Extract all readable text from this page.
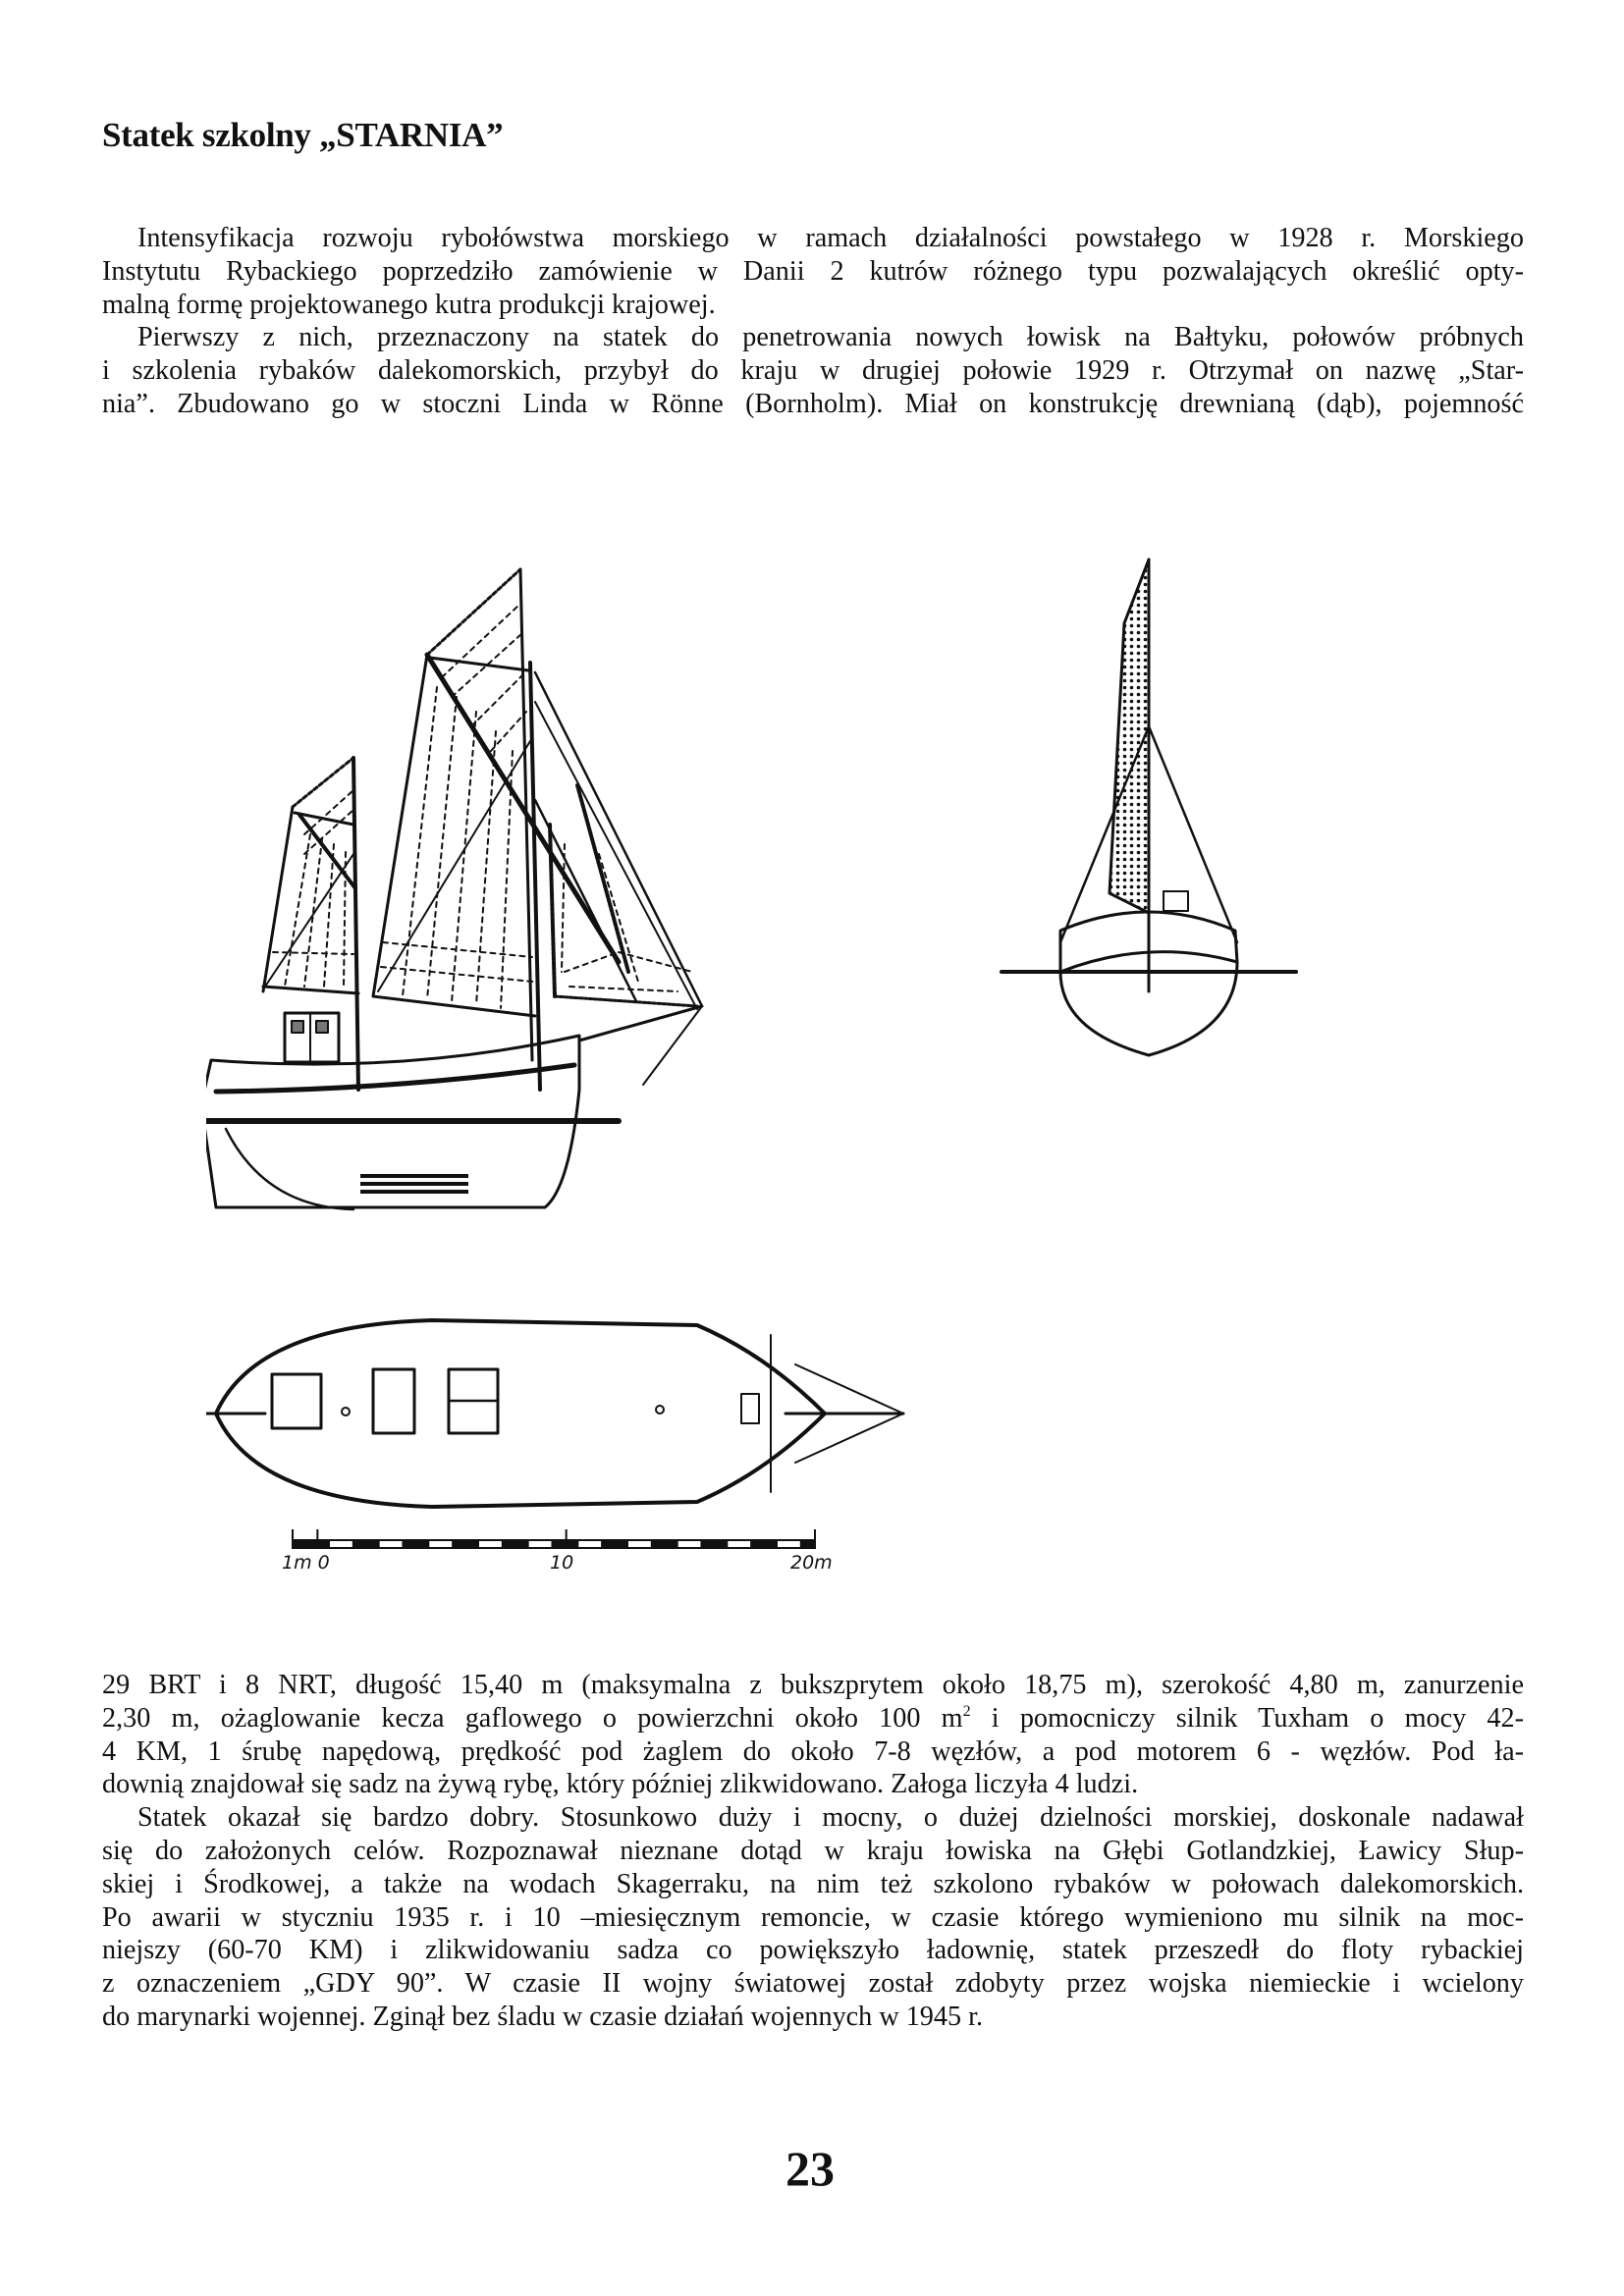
Statek szkolny „STARNIA”
Intensyfikacja rozwoju rybołówstwa morskiego w ramach działalności powstałego w 1928 r. Morskiego
Instytutu Rybackiego poprzedziło zamówienie w Danii 2 kutrów różnego typu pozwalających określić opty-
malną formę projektowanego kutra produkcji krajowej.
Pierwszy z nich, przeznaczony na statek do penetrowania nowych łowisk na Bałtyku, połowów próbnych
i szkolenia rybaków dalekomorskich, przybył do kraju w drugiej połowie 1929 r. Otrzymał on nazwę „Star-
nia”. Zbudowano go w stoczni Linda w Rönne (Bornholm). Miał on konstrukcję drewnianą (dąb), pojemność
1m 0	10	20m
29 BRT i 8 NRT, długość 15,40 m (maksymalna z bukszprytem około 18,75 m), szerokość 4,80 m, zanurzenie
2,30 m, ożaglowanie kecza gaflowego o powierzchni około 100 $m^2$ i pomocniczy silnik Tuxham o mocy 42-
4 KM, 1 śrubę napędową, prędkość pod żaglem do około 7-8 węzłów, a pod motorem 6 - węzłów. Pod ła-
downią znajdował się sadz na żywą rybę, który później zlikwidowano. Załoga liczyła 4 ludzi.
Statek okazał się bardzo dobry. Stosunkowo duży i mocny, o dużej dzielności morskiej, doskonale nadawał
się do założonych celów. Rozpoznawał nieznane dotąd w kraju łowiska na Głębi Gotlandzkiej, Ławicy Słup-
skiej i Środkowej, a także na wodach Skagerraku, na nim też szkolono rybaków w połowach dalekomorskich.
Po awarii w styczniu 1935 r. i 10 –miesięcznym remoncie, w czasie którego wymieniono mu silnik na moc-
niejszy (60-70 KM) i zlikwidowaniu sadza co powiększyło ładownię, statek przeszedł do floty rybackiej
z oznaczeniem „GDY 90”. W czasie II wojny światowej został zdobyty przez wojska niemieckie i wcielony
do marynarki wojennej. Zginął bez śladu w czasie działań wojennych w 1945 r.

23
